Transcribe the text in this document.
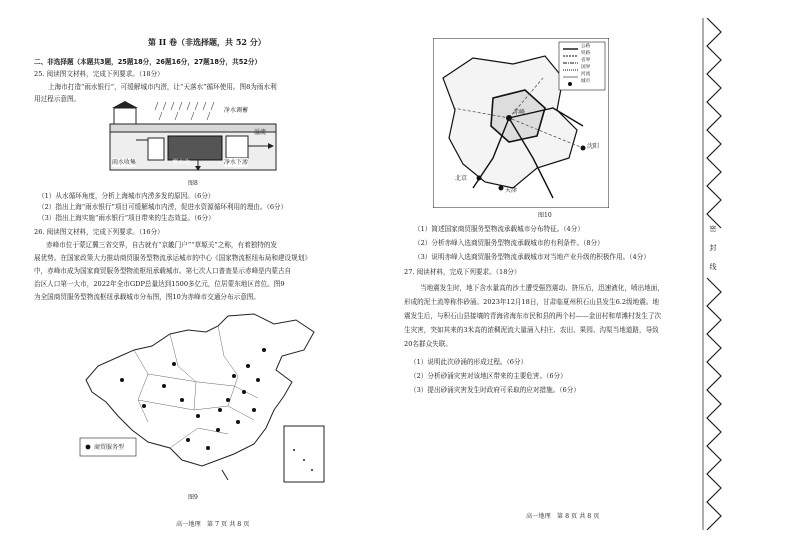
第 II 卷（非选择题，共 52 分）
二、非选择题（本题共3题，25题18分，26题16分，27题18分，共52分）
25. 阅读图文材料，完成下列要求。（18分）
上海市打造“雨水银行”，可缓解城市内涝，让“天落水”循环使用。图8为雨水利
用过程示意图。
净水调蓄
溢流
雨水收集	蓄水池	净水下渗
图8
（1）从水循环角度，分析上海城市内涝多发的原因。（6分）
（2）指出上海“雨水银行”项目可缓解城市内涝，促进水资源循环利用的理由。（6分）
（3）指出上海实施“雨水银行”项目带来的生态效益。（6分）
26. 阅读图文材料，完成下列要求。（16分）
赤峰市位于蒙辽冀三省交界，自古就有“京畿门户”“草塬关”之称，有着独特的发
展优势。在国家政策大力推动商贸服务型物流承运城市的中心《国家物流枢纽布局和建设规划》
中，赤峰市成为国家商贸服务型物流枢纽承载城市。第七次人口普查显示赤峰是内蒙古自
治区人口第一大市，2022年全市GDP总量达到1500多亿元，位居蒙东地区首位。图9
为全国商贸服务型物流枢纽承载城市分布图，图10为赤峰市交通分布示意图。
商贸服务型
图9
高一地理　第 7 页 共 8 页
公路
铁路
省界
国界
河流
城市
赤峰
沈阳
北京
天津
图10
（1）简述国家商贸服务型物流承载城市分布特征。（4分）
（2）分析赤峰入选商贸服务型物流承载城市的有利条件。（8分）
（3）说明赤峰入选商贸服务型物流承载城市对当地产业升级的积极作用。（4分）
27. 阅读材料，完成下列要求。（18分）
当地震发生时，地下含水量高的沙土遭受强烈震动、挤压后，迅速液化，喷出地面，
形成的泥土流等称作砂涌。2023年12月18日，甘肃临夏州积石山县发生6.2级地震。地
震发生后，与积石山县接壤的青海省海东市民和县的两个村——金田村和草滩村发生了次
生灾害，突如其来的3米高的浓稠泥流大量涌入村庄、农田、果园、沟渠当地道路，导致
20名群众失联。
（1）说明此次砂涌的形成过程。（6分）
（2）分析砂涌灾害对该地区带来的主要危害。（6分）
（3）提出砂涌灾害发生时政府可采取的应对措施。（6分）
高一地理　第 8 页 共 8 页
密
封
线
